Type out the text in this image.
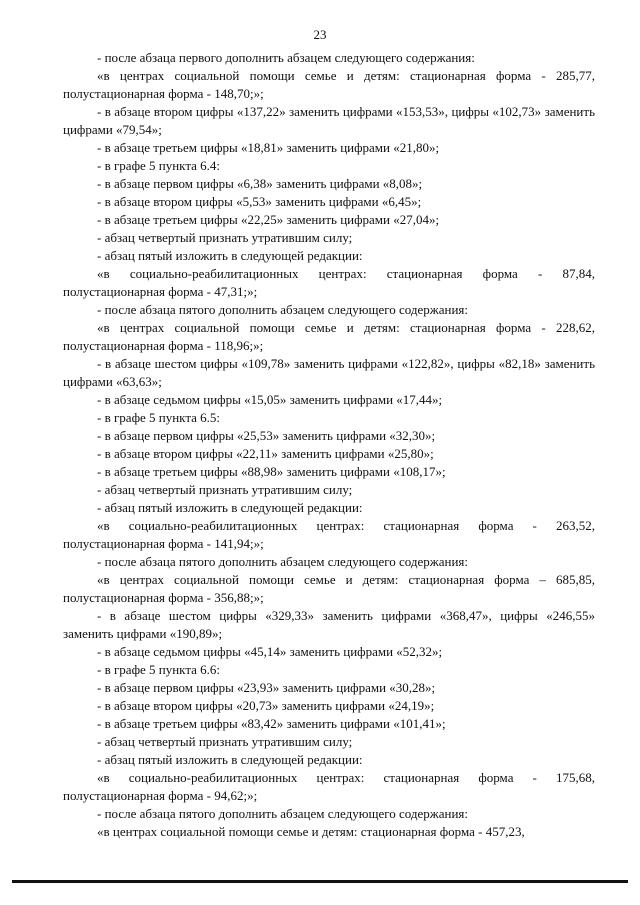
23

- после абзаца первого дополнить абзацем следующего содержания:

«в центрах социальной помощи семье и детям: стационарная форма - 285,77, полустационарная форма - 148,70;»;

- в абзаце втором цифры «137,22» заменить цифрами «153,53», цифры «102,73» заменить цифрами «79,54»;

- в абзаце третьем цифры «18,81» заменить цифрами «21,80»;

- в графе 5 пункта 6.4:

- в абзаце первом цифры «6,38» заменить цифрами «8,08»;

- в абзаце втором цифры «5,53» заменить цифрами «6,45»;

- в абзаце третьем цифры «22,25» заменить цифрами «27,04»;

- абзац четвертый признать утратившим силу;

- абзац пятый изложить в следующей редакции:

«в социально-реабилитационных центрах: стационарная форма - 87,84, полустационарная форма - 47,31;»;

- после абзаца пятого дополнить абзацем следующего содержания:

«в центрах социальной помощи семье и детям: стационарная форма - 228,62, полустационарная форма - 118,96;»;

- в абзаце шестом цифры «109,78» заменить цифрами «122,82», цифры «82,18» заменить цифрами «63,63»;

- в абзаце седьмом цифры «15,05» заменить цифрами «17,44»;

- в графе 5 пункта 6.5:

- в абзаце первом цифры «25,53» заменить цифрами «32,30»;

- в абзаце втором цифры «22,11» заменить цифрами «25,80»;

- в абзаце третьем цифры «88,98» заменить цифрами «108,17»;

- абзац четвертый признать утратившим силу;

- абзац пятый изложить в следующей редакции:

«в социально-реабилитационных центрах: стационарная форма - 263,52, полустационарная форма - 141,94;»;

- после абзаца пятого дополнить абзацем следующего содержания:

«в центрах социальной помощи семье и детям: стационарная форма – 685,85, полустационарная форма - 356,88;»;

- в абзаце шестом цифры «329,33» заменить цифрами «368,47», цифры «246,55» заменить цифрами «190,89»;

- в абзаце седьмом цифры «45,14» заменить цифрами «52,32»;

- в графе 5 пункта 6.6:

- в абзаце первом цифры «23,93» заменить цифрами «30,28»;

- в абзаце втором цифры «20,73» заменить цифрами «24,19»;

- в абзаце третьем цифры «83,42» заменить цифрами «101,41»;

- абзац четвертый признать утратившим силу;

- абзац пятый изложить в следующей редакции:

«в социально-реабилитационных центрах: стационарная форма - 175,68, полустационарная форма - 94,62;»;

- после абзаца пятого дополнить абзацем следующего содержания:

«в центрах социальной помощи семье и детям: стационарная форма - 457,23,
